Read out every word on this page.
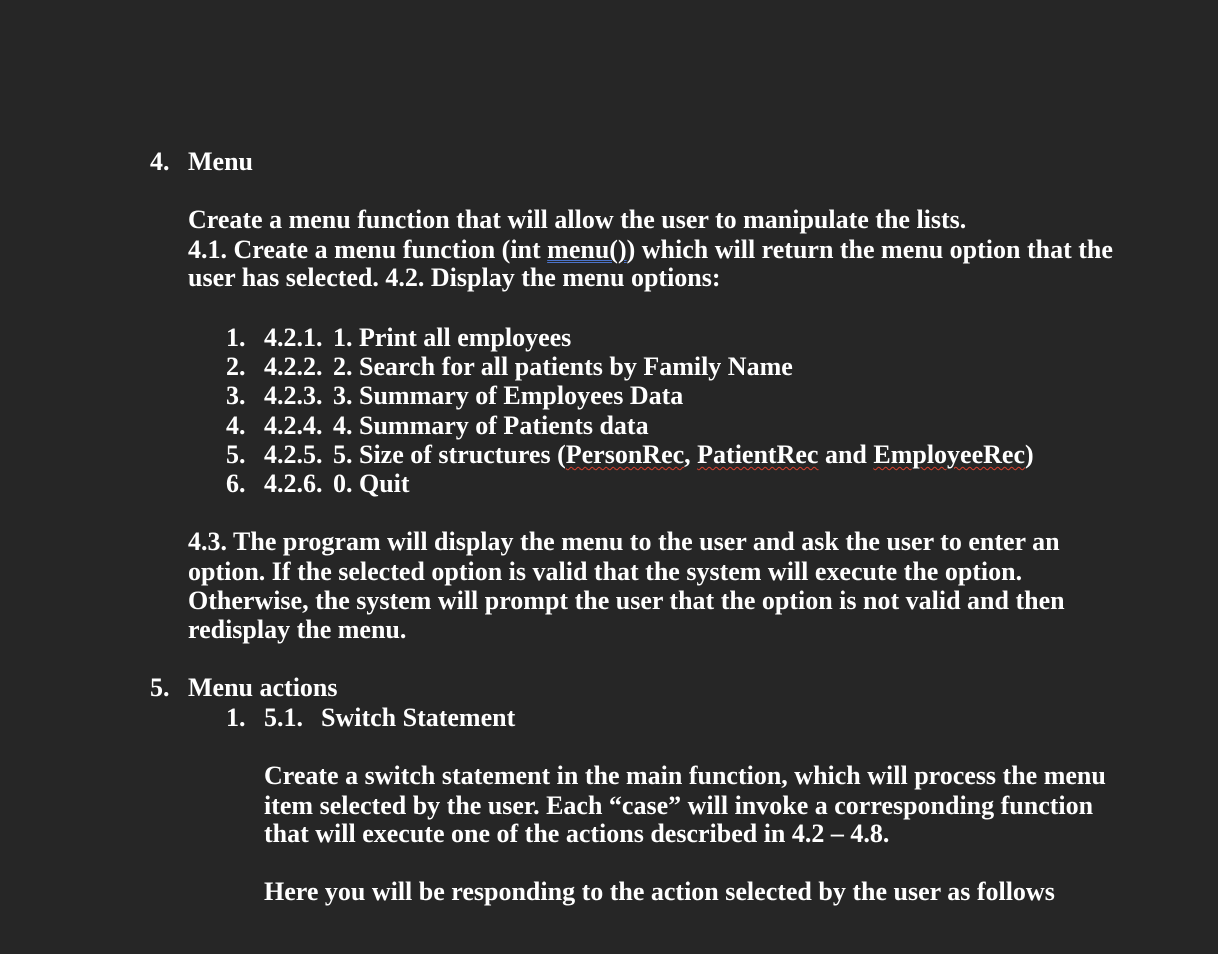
4. Menu
Create a menu function that will allow the user to manipulate the lists.
4.1. Create a menu function (int menu()) which will return the menu option that the
user has selected. 4.2. Display the menu options:
1. 4.2.1. 1. Print all employees
2. 4.2.2. 2. Search for all patients by Family Name
3. 4.2.3. 3. Summary of Employees Data
4. 4.2.4. 4. Summary of Patients data
5. 4.2.5. 5. Size of structures (PersonRec, PatientRec and EmployeeRec)
6. 4.2.6. 0. Quit
4.3. The program will display the menu to the user and ask the user to enter an
option. If the selected option is valid that the system will execute the option.
Otherwise, the system will prompt the user that the option is not valid and then
redisplay the menu.
5. Menu actions
1. 5.1. Switch Statement
Create a switch statement in the main function, which will process the menu
item selected by the user. Each “case” will invoke a corresponding function
that will execute one of the actions described in 4.2 – 4.8.
Here you will be responding to the action selected by the user as follows
